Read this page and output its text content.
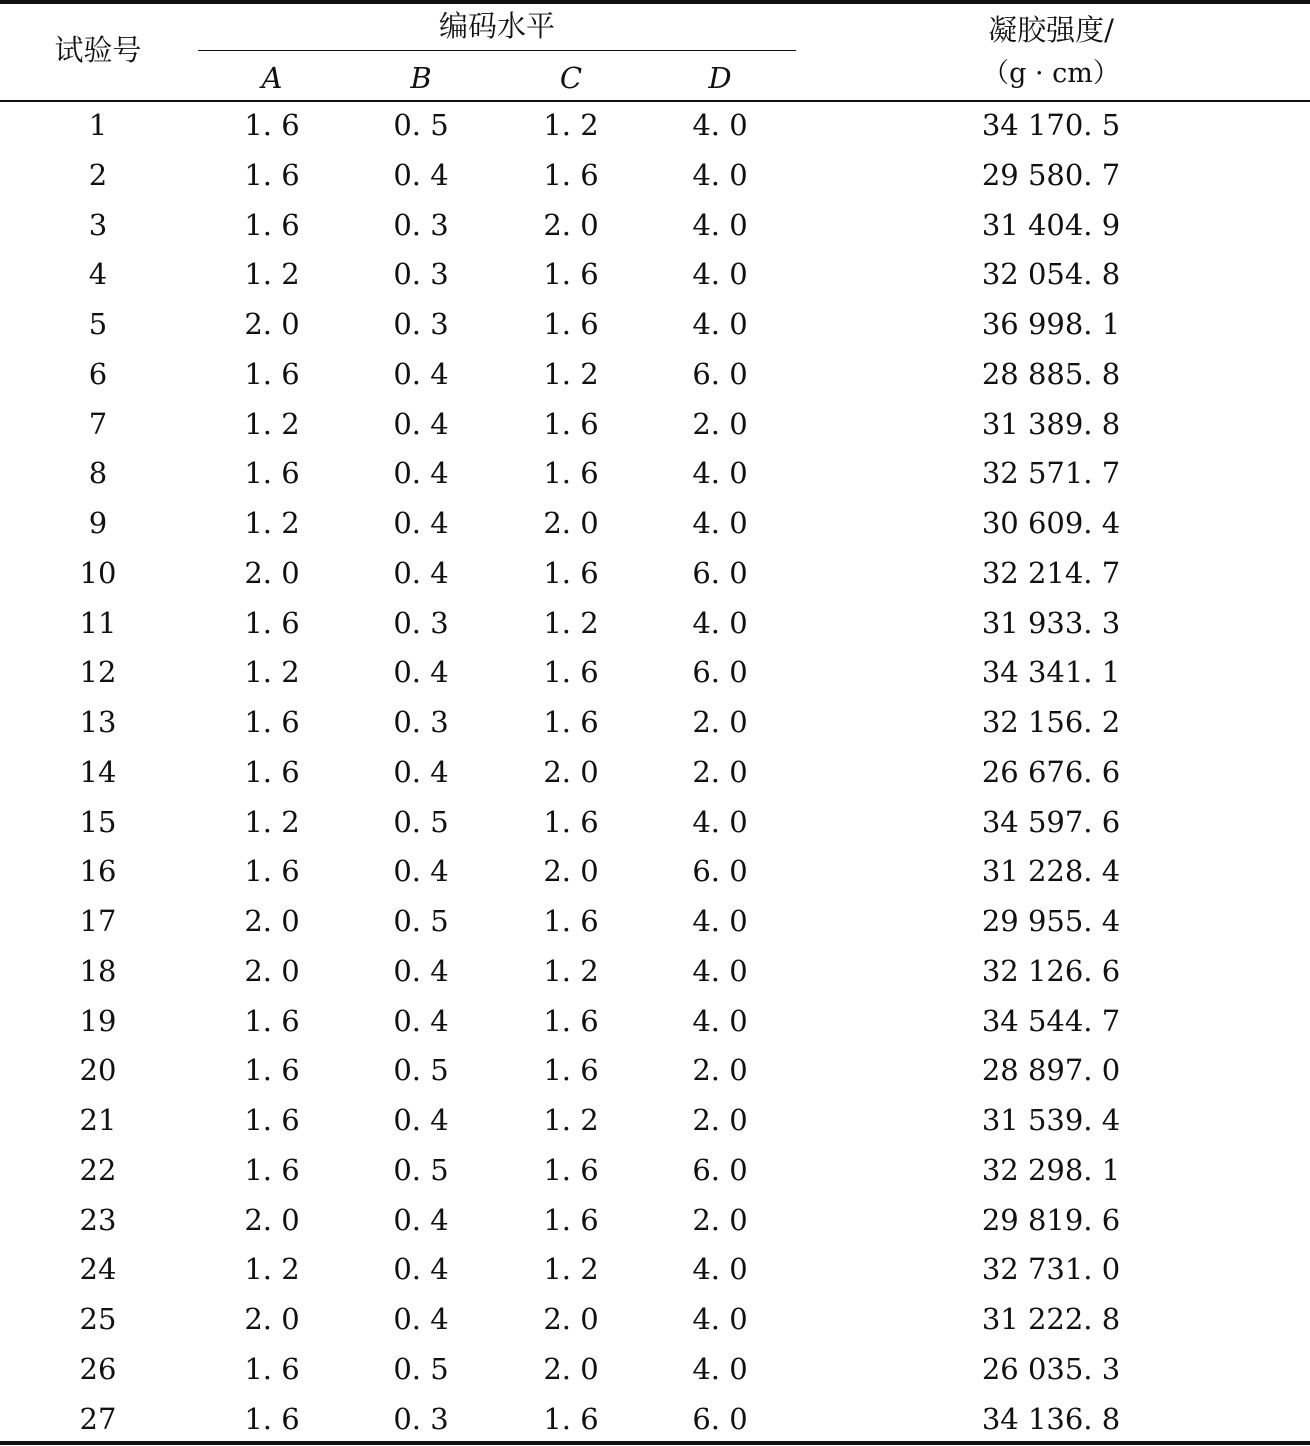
试验号
编码水平
A	B	C	D
凝胶强度/
（g · cm）
1	1. 6	0. 5	1. 2	4. 0	34 170. 5
2	1. 6	0. 4	1. 6	4. 0	29 580. 7
3	1. 6	0. 3	2. 0	4. 0	31 404. 9
4	1. 2	0. 3	1. 6	4. 0	32 054. 8
5	2. 0	0. 3	1. 6	4. 0	36 998. 1
6	1. 6	0. 4	1. 2	6. 0	28 885. 8
7	1. 2	0. 4	1. 6	2. 0	31 389. 8
8	1. 6	0. 4	1. 6	4. 0	32 571. 7
9	1. 2	0. 4	2. 0	4. 0	30 609. 4
10	2. 0	0. 4	1. 6	6. 0	32 214. 7
11	1. 6	0. 3	1. 2	4. 0	31 933. 3
12	1. 2	0. 4	1. 6	6. 0	34 341. 1
13	1. 6	0. 3	1. 6	2. 0	32 156. 2
14	1. 6	0. 4	2. 0	2. 0	26 676. 6
15	1. 2	0. 5	1. 6	4. 0	34 597. 6
16	1. 6	0. 4	2. 0	6. 0	31 228. 4
17	2. 0	0. 5	1. 6	4. 0	29 955. 4
18	2. 0	0. 4	1. 2	4. 0	32 126. 6
19	1. 6	0. 4	1. 6	4. 0	34 544. 7
20	1. 6	0. 5	1. 6	2. 0	28 897. 0
21	1. 6	0. 4	1. 2	2. 0	31 539. 4
22	1. 6	0. 5	1. 6	6. 0	32 298. 1
23	2. 0	0. 4	1. 6	2. 0	29 819. 6
24	1. 2	0. 4	1. 2	4. 0	32 731. 0
25	2. 0	0. 4	2. 0	4. 0	31 222. 8
26	1. 6	0. 5	2. 0	4. 0	26 035. 3
27	1. 6	0. 3	1. 6	6. 0	34 136. 8
